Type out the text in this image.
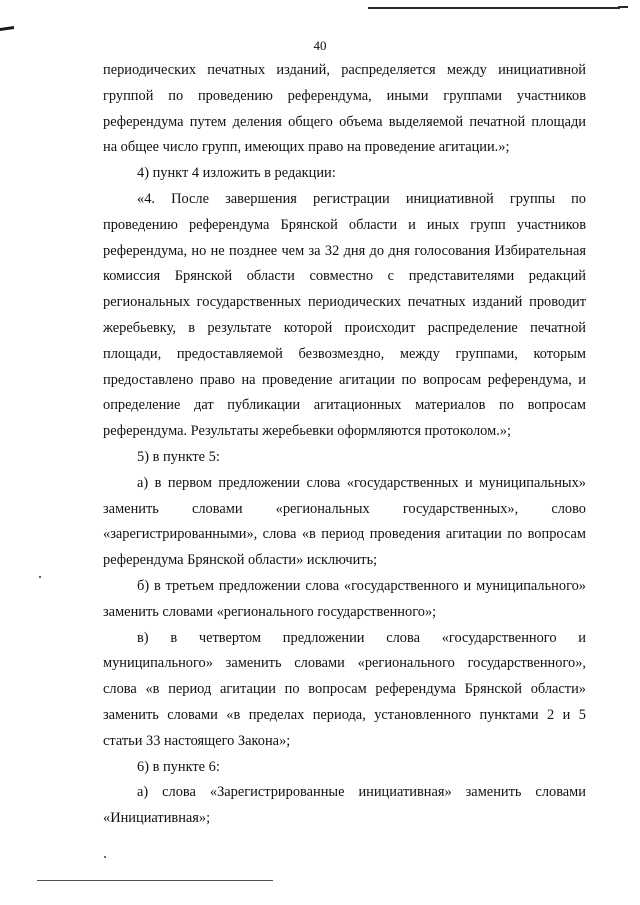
40
периодических печатных изданий, распределяется между инициативной
группой по проведению референдума, иными группами участников
референдума путем деления общего объема выделяемой печатной площади
на общее число групп, имеющих право на проведение агитации.»;
4) пункт 4 изложить в редакции:
«4. После завершения регистрации инициативной группы по
проведению референдума Брянской области и иных групп участников
референдума, но не позднее чем за 32 дня до дня голосования Избирательная
комиссия Брянской области совместно с представителями редакций
региональных государственных периодических печатных изданий проводит
жеребьевку, в результате которой происходит распределение печатной
площади, предоставляемой безвозмездно, между группами, которым
предоставлено право на проведение агитации по вопросам референдума, и
определение дат публикации агитационных материалов по вопросам
референдума. Результаты жеребьевки оформляются протоколом.»;
5) в пункте 5:
а) в первом предложении слова «государственных и муниципальных»
заменить словами «региональных государственных», слово
«зарегистрированными», слова «в период проведения агитации по вопросам
референдума Брянской области» исключить;
б) в третьем предложении слова «государственного и муниципального»
заменить словами «регионального государственного»;
в) в четвертом предложении слова «государственного и
муниципального» заменить словами «регионального государственного»,
слова «в период агитации по вопросам референдума Брянской области»
заменить словами «в пределах периода, установленного пунктами 2 и 5
статьи 33 настоящего Закона»;
6) в пункте 6:
а) слова «Зарегистрированные инициативная» заменить словами
«Инициативная»;
